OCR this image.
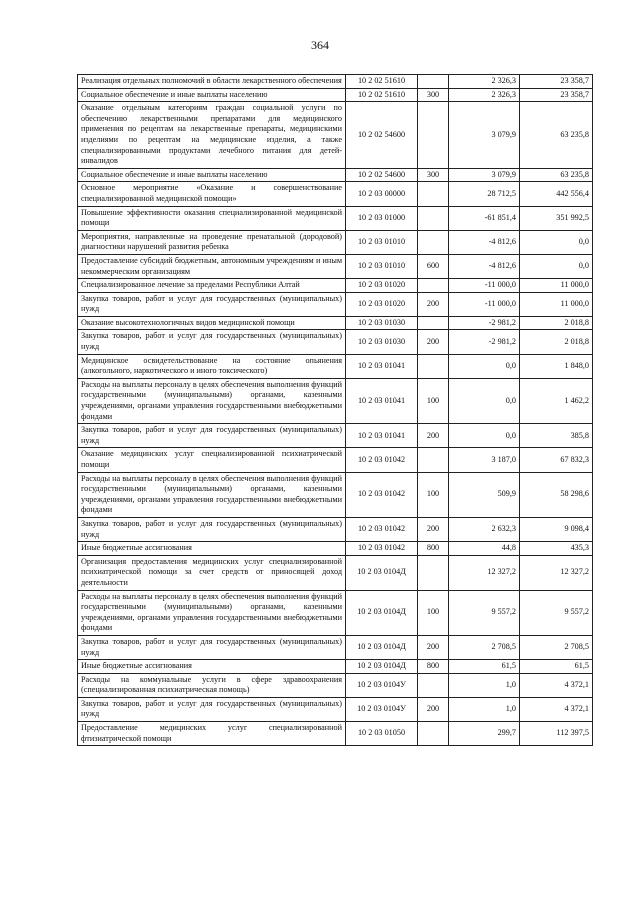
364
Реализация отдельных полномочий в области лекарственного обеспечения	10 2 02 51610		2 326,3	23 358,7
Социальное обеспечение и иные выплаты населению	10 2 02 51610	300	2 326,3	23 358,7
Оказание отдельным категориям граждан социальной услуги по обеспечению лекарственными препаратами для медицинского применения по рецептам на лекарственные препараты, медицинскими изделиями по рецептам на медицинские изделия, а также специализированными продуктами лечебного питания для детей-инвалидов	10 2 02 54600		3 079,9	63 235,8
Социальное обеспечение и иные выплаты населению	10 2 02 54600	300	3 079,9	63 235,8
Основное мероприятие «Оказание и совершенствование специализированной медицинской помощи»	10 2 03 00000		28 712,5	442 556,4
Повышение эффективности оказания специализированной медицинской помощи	10 2 03 01000		-61 851,4	351 992,5
Мероприятия, направленные на проведение пренатальной (дородовой) диагностики нарушений развития ребенка	10 2 03 01010		-4 812,6	0,0
Предоставление субсидий бюджетным, автономным учреждениям и иным некоммерческим организациям	10 2 03 01010	600	-4 812,6	0,0
Специализированное лечение за пределами Республики Алтай	10 2 03 01020		-11 000,0	11 000,0
Закупка товаров, работ и услуг для государственных (муниципальных) нужд	10 2 03 01020	200	-11 000,0	11 000,0
Оказание высокотехнологичных видов медицинской помощи	10 2 03 01030		-2 981,2	2 018,8
Закупка товаров, работ и услуг для государственных (муниципальных) нужд	10 2 03 01030	200	-2 981,2	2 018,8
Медицинское освидетельствование на состояние опьянения (алкогольного, наркотического и иного токсического)	10 2 03 01041		0,0	1 848,0
Расходы на выплаты персоналу в целях обеспечения выполнения функций государственными (муниципальными) органами, казенными учреждениями, органами управления государственными внебюджетными фондами	10 2 03 01041	100	0,0	1 462,2
Закупка товаров, работ и услуг для государственных (муниципальных) нужд	10 2 03 01041	200	0,0	385,8
Оказание медицинских услуг специализированной психиатрической помощи	10 2 03 01042		3 187,0	67 832,3
Расходы на выплаты персоналу в целях обеспечения выполнения функций государственными (муниципальными) органами, казенными учреждениями, органами управления государственными внебюджетными фондами	10 2 03 01042	100	509,9	58 298,6
Закупка товаров, работ и услуг для государственных (муниципальных) нужд	10 2 03 01042	200	2 632,3	9 098,4
Иные бюджетные ассигнования	10 2 03 01042	800	44,8	435,3
Организация предоставления медицинских услуг специализированной психиатрической помощи за счет средств от приносящей доход деятельности	10 2 03 0104Д		12 327,2	12 327,2
Расходы на выплаты персоналу в целях обеспечения выполнения функций государственными (муниципальными) органами, казенными учреждениями, органами управления государственными внебюджетными фондами	10 2 03 0104Д	100	9 557,2	9 557,2
Закупка товаров, работ и услуг для государственных (муниципальных) нужд	10 2 03 0104Д	200	2 708,5	2 708,5
Иные бюджетные ассигнования	10 2 03 0104Д	800	61,5	61,5
Расходы на коммунальные услуги в сфере здравоохранения (специализированная психиатрическая помощь)	10 2 03 0104У		1,0	4 372,1
Закупка товаров, работ и услуг для государственных (муниципальных) нужд	10 2 03 0104У	200	1,0	4 372,1
Предоставление медицинских услуг специализированной фтизиатрической помощи	10 2 03 01050		299,7	112 397,5
